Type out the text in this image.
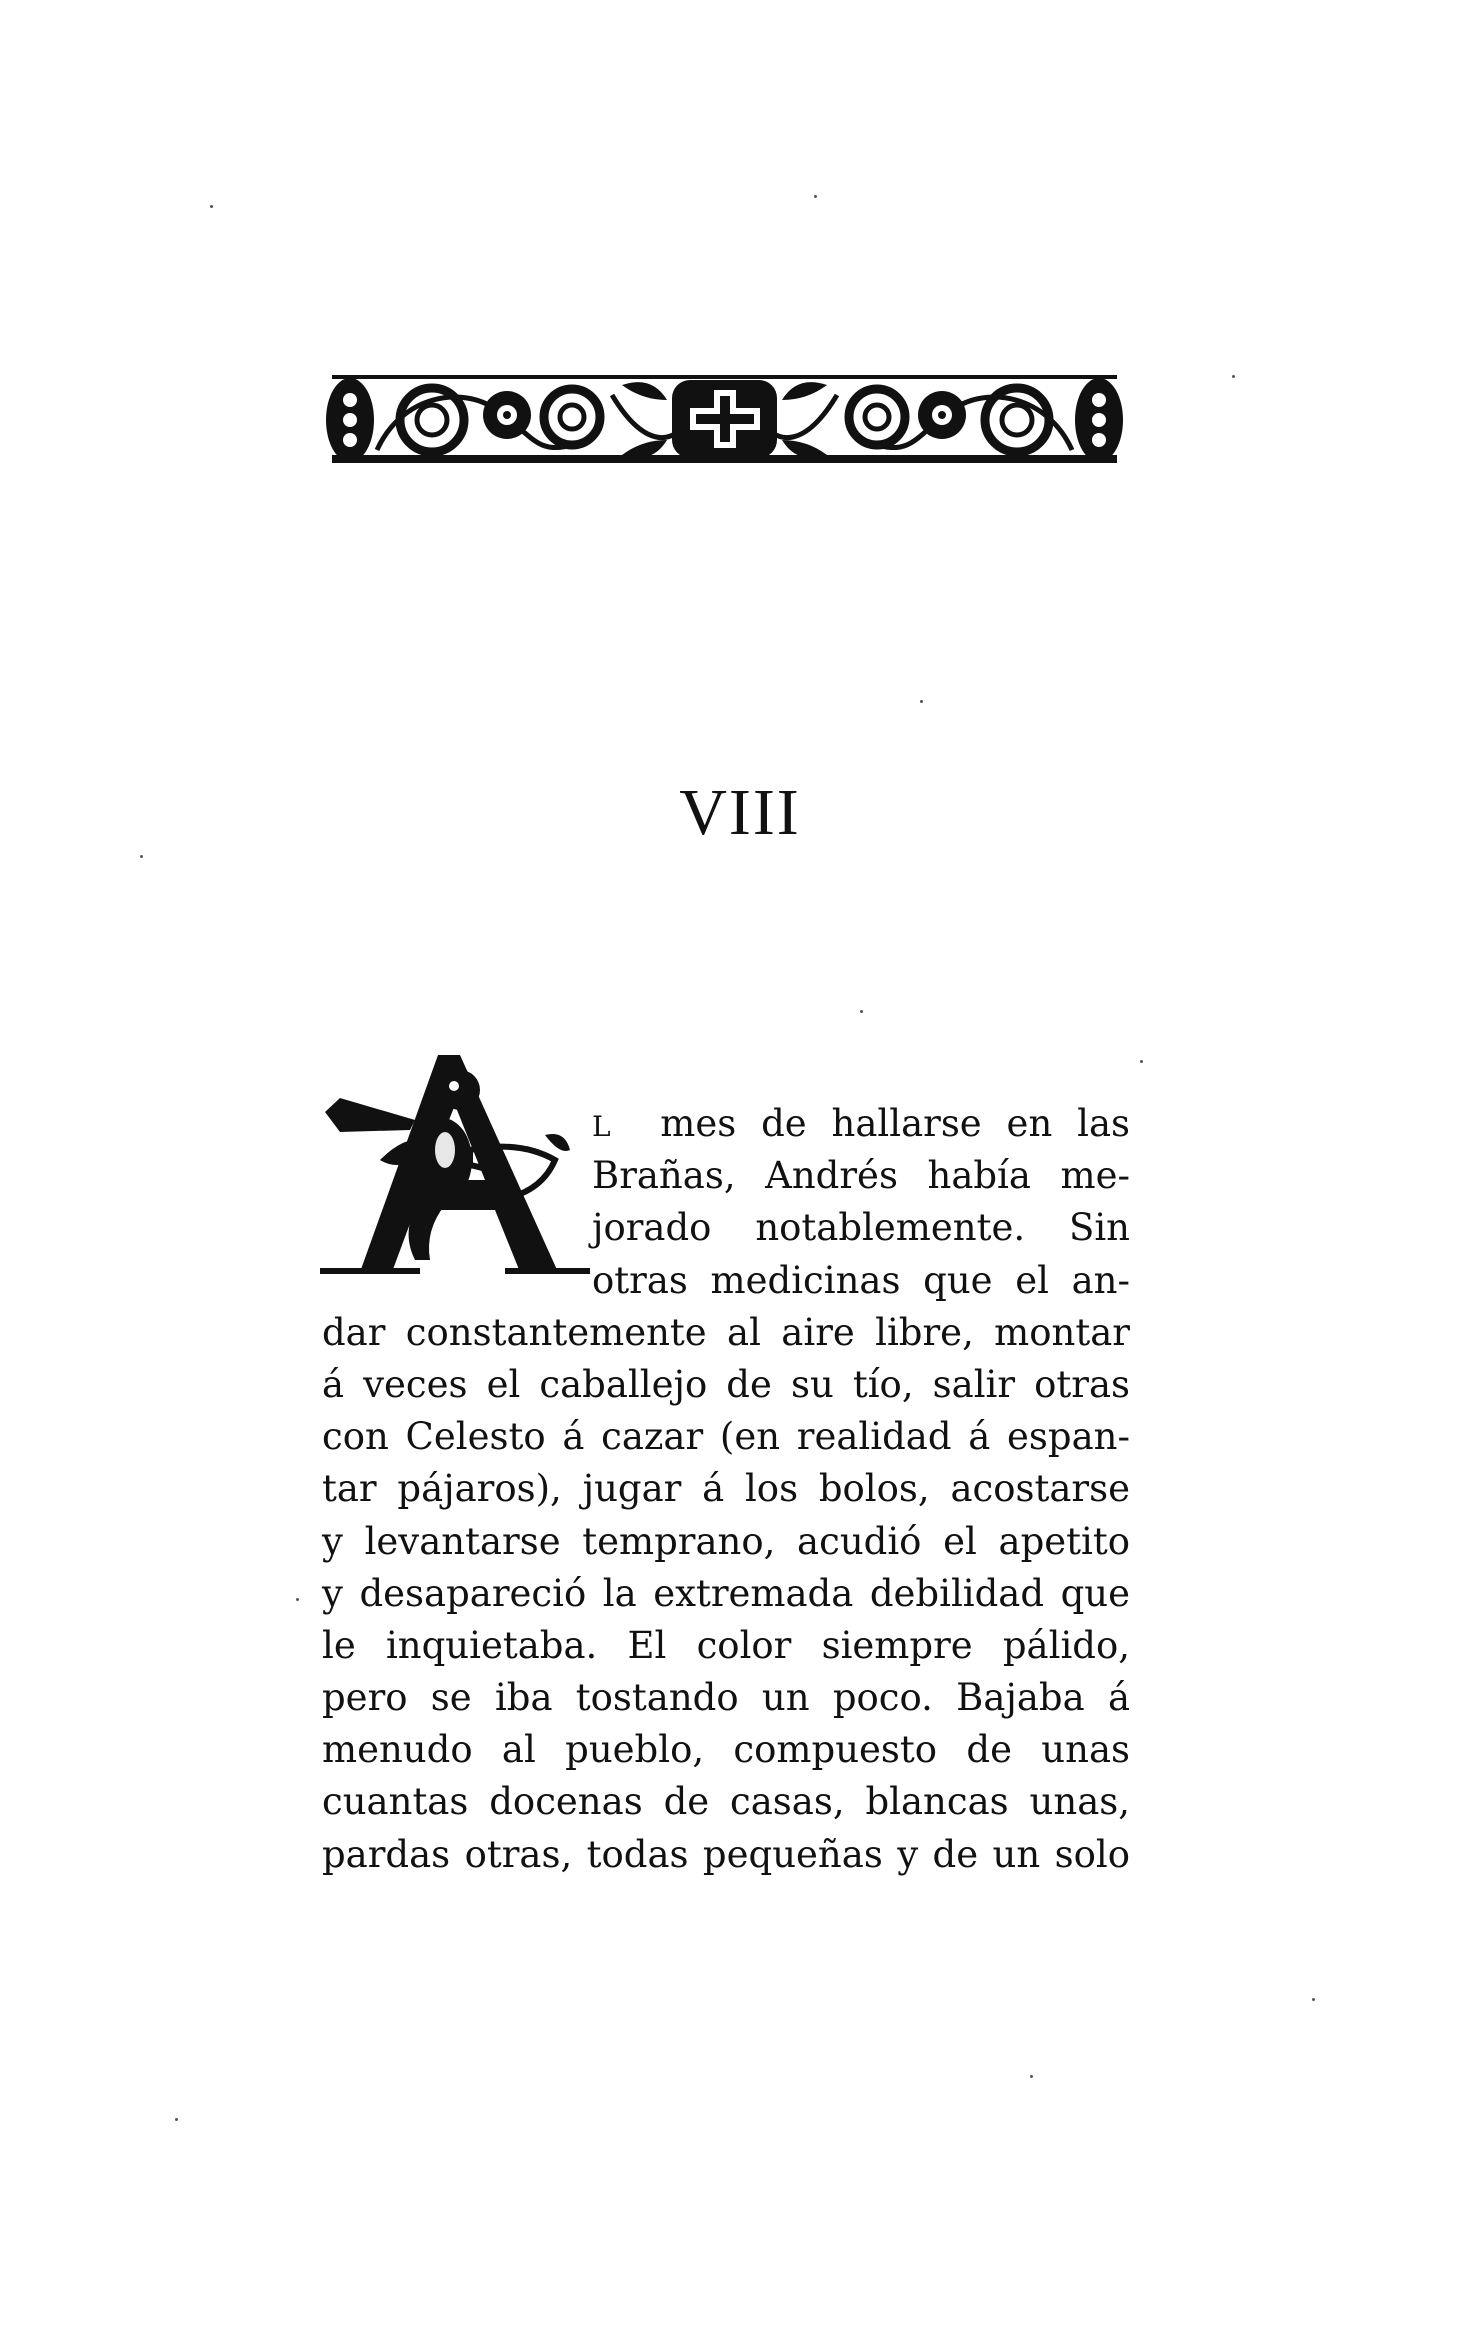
VIII
L mes de hallarse en las
Brañas, Andrés había me-
jorado notablemente. Sin
otras medicinas que el an-
dar constantemente al aire libre, montar
á veces el caballejo de su tío, salir otras
con Celesto á cazar (en realidad á espan-
tar pájaros), jugar á los bolos, acostarse
y levantarse temprano, acudió el apetito
y desapareció la extremada debilidad que
le inquietaba. El color siempre pálido,
pero se iba tostando un poco. Bajaba á
menudo al pueblo, compuesto de unas
cuantas docenas de casas, blancas unas,
pardas otras, todas pequeñas y de un solo
